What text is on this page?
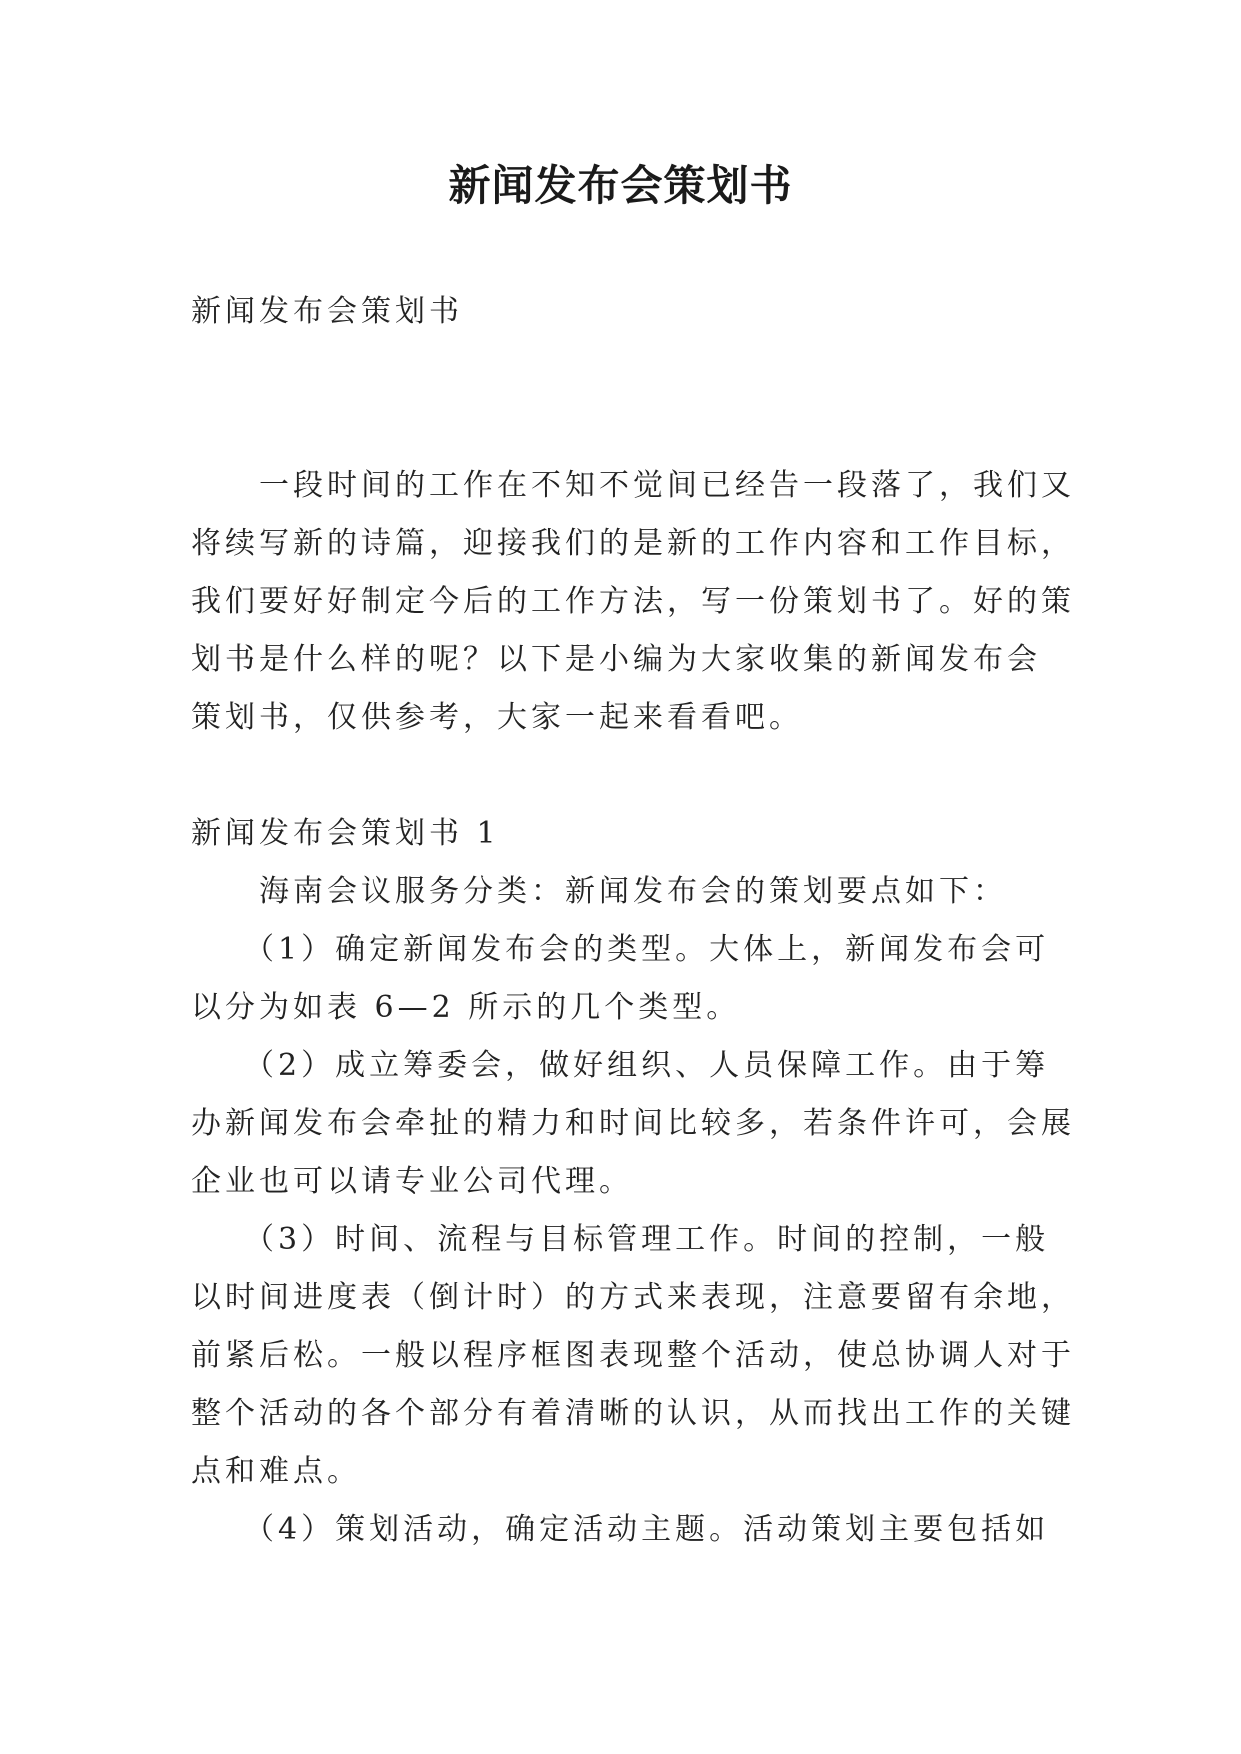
新闻发布会策划书
新闻发布会策划书
　　一段时间的工作在不知不觉间已经告一段落了，我们又
将续写新的诗篇，迎接我们的是新的工作内容和工作目标，
我们要好好制定今后的工作方法，写一份策划书了。好的策
划书是什么样的呢？以下是小编为大家收集的新闻发布会
策划书，仅供参考，大家一起来看看吧。
新闻发布会策划书 1
　　海南会议服务分类：新闻发布会的策划要点如下：
　　（1）确定新闻发布会的类型。大体上，新闻发布会可
以分为如表 6—2 所示的几个类型。
　　（2）成立筹委会，做好组织、人员保障工作。由于筹
办新闻发布会牵扯的精力和时间比较多，若条件许可，会展
企业也可以请专业公司代理。
　　（3）时间、流程与目标管理工作。时间的控制，一般
以时间进度表（倒计时）的方式来表现，注意要留有余地，
前紧后松。一般以程序框图表现整个活动，使总协调人对于
整个活动的各个部分有着清晰的认识，从而找出工作的关键
点和难点。
　　（4）策划活动，确定活动主题。活动策划主要包括如
